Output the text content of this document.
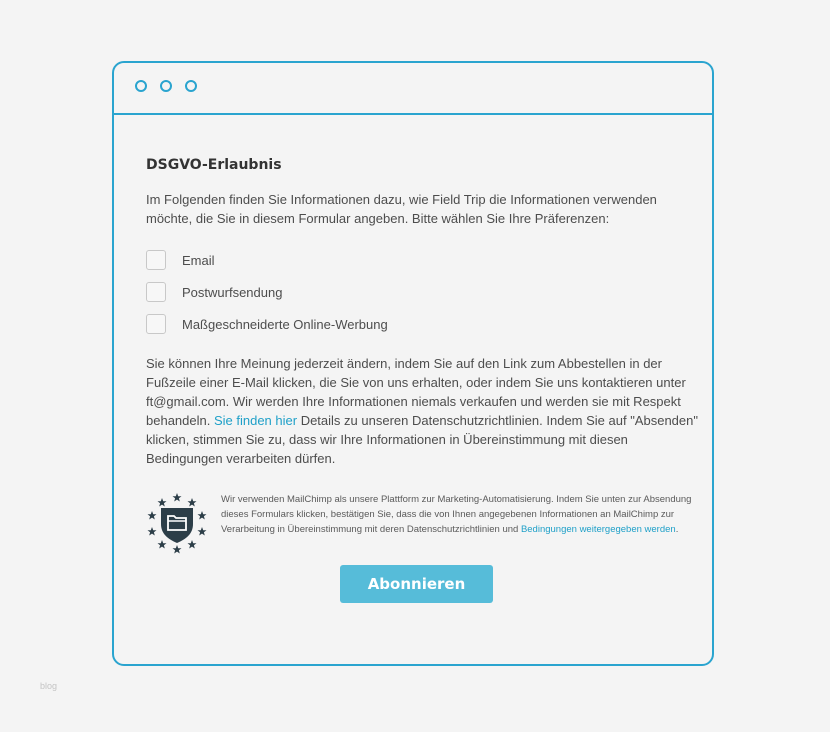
DSGVO-Erlaubnis

Im Folgenden finden Sie Informationen dazu, wie Field Trip die Informationen verwenden möchte, die Sie in diesem Formular angeben. Bitte wählen Sie Ihre Präferenzen:

Email
Postwurfsendung
Maßgeschneiderte Online-Werbung

Sie können Ihre Meinung jederzeit ändern, indem Sie auf den Link zum Abbestellen in der Fußzeile einer E-Mail klicken, die Sie von uns erhalten, oder indem Sie uns kontaktieren unter ft@gmail.com. Wir werden Ihre Informationen niemals verkaufen und werden sie mit Respekt behandeln. Sie finden hier Details zu unseren Datenschutzrichtlinien. Indem Sie auf "Absenden" klicken, stimmen Sie zu, dass wir Ihre Informationen in Übereinstimmung mit diesen Bedingungen verarbeiten dürfen.

Wir verwenden MailChimp als unsere Plattform zur Marketing-Automatisierung. Indem Sie unten zur Absendung dieses Formulars klicken, bestätigen Sie, dass die von Ihnen angegebenen Informationen an MailChimp zur Verarbeitung in Übereinstimmung mit deren Datenschutzrichtlinien und Bedingungen weitergegeben werden.
Abonnieren
blog
